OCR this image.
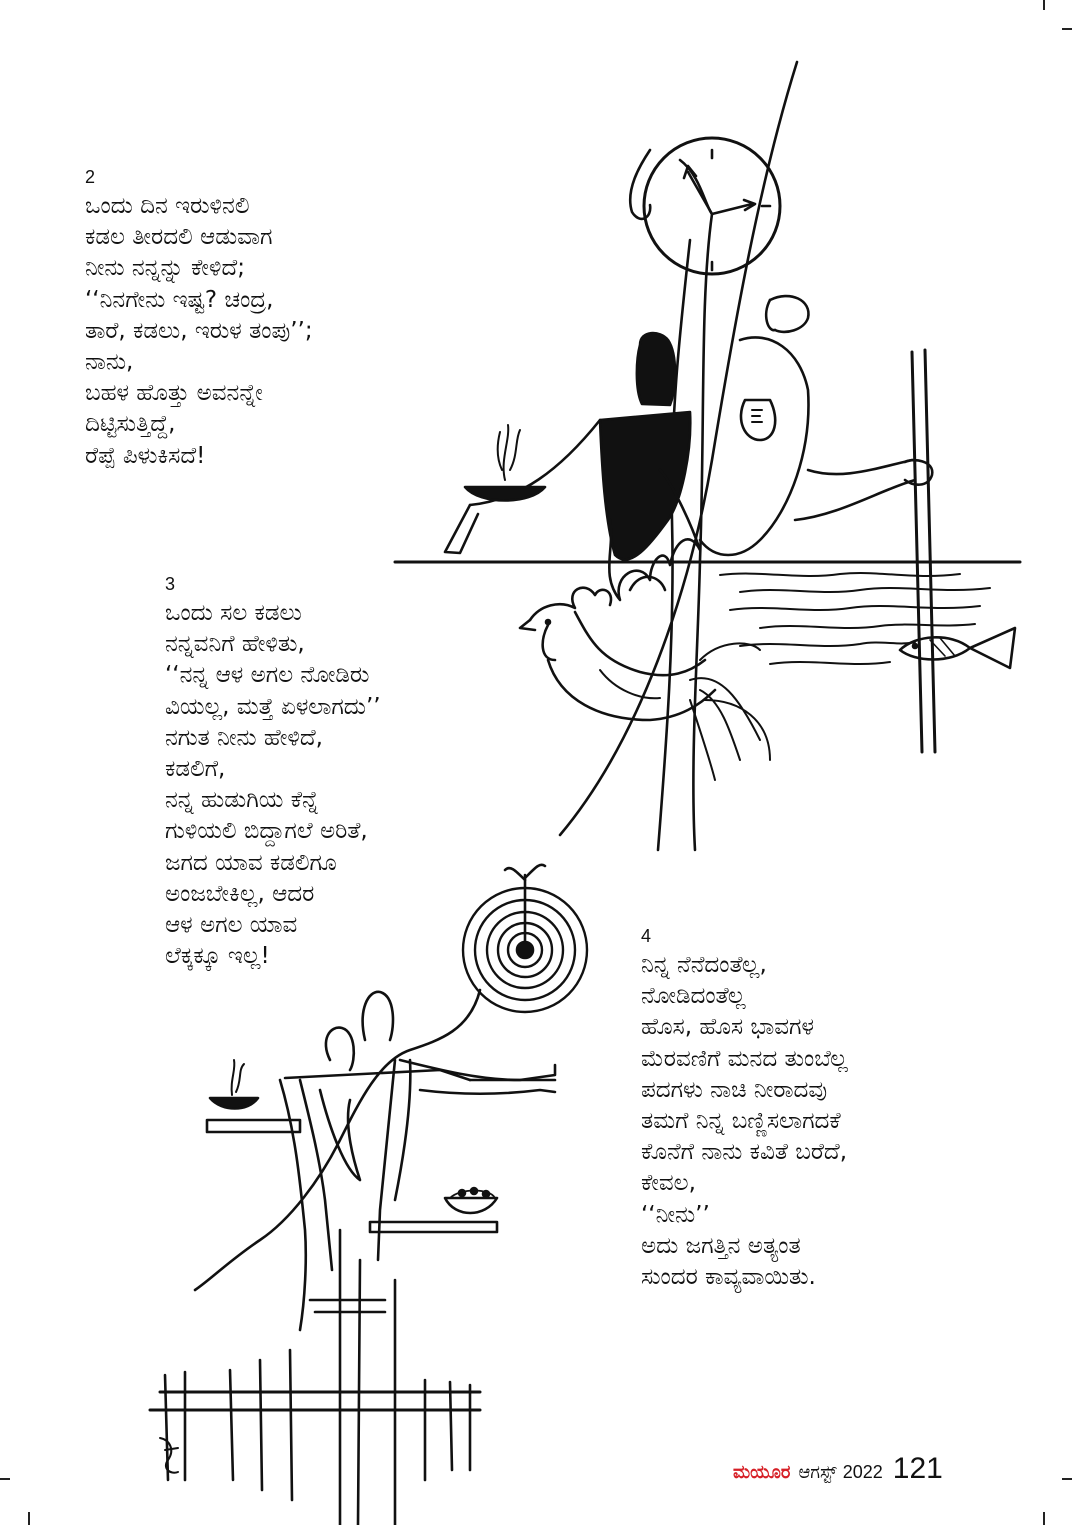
2
ಒಂದು ದಿನ ಇರುಳಿನಲಿ
ಕಡಲ ತೀರದಲಿ ಆಡುವಾಗ
ನೀನು ನನ್ನನ್ನು ಕೇಳಿದೆ;
‘‘ನಿನಗೇನು ಇಷ್ಟ? ಚಂದ್ರ,
ತಾರೆ, ಕಡಲು, ಇರುಳ ತಂಪು’’;
ನಾನು,
ಬಹಳ ಹೊತ್ತು ಅವನನ್ನೇ
ದಿಟ್ಟಿಸುತ್ತಿದ್ದೆ,
ರೆಪ್ಪೆ ಪಿಳುಕಿಸದೆ!
3
ಒಂದು ಸಲ ಕಡಲು
ನನ್ನವನಿಗೆ ಹೇಳಿತು,
‘‘ನನ್ನ ಆಳ ಅಗಲ ನೋಡಿರು
ವಿಯಲ್ಲ, ಮತ್ತೆ ಏಳಲಾಗದು’’
ನಗುತ ನೀನು ಹೇಳಿದೆ,
ಕಡಲಿಗೆ,
ನನ್ನ ಹುಡುಗಿಯ ಕೆನ್ನೆ
ಗುಳಿಯಲಿ ಬಿದ್ದಾಗಲೆ ಅರಿತೆ,
ಜಗದ ಯಾವ ಕಡಲಿಗೂ
ಅಂಜಬೇಕಿಲ್ಲ, ಆದರ
ಆಳ ಅಗಲ ಯಾವ
ಲೆಕ್ಕಕ್ಕೂ ಇಲ್ಲ!
4
ನಿನ್ನ ನೆನೆದಂತೆಲ್ಲ,
ನೋಡಿದಂತೆಲ್ಲ
ಹೊಸ, ಹೊಸ ಭಾವಗಳ
ಮೆರವಣಿಗೆ ಮನದ ತುಂಬೆಲ್ಲ
ಪದಗಳು ನಾಚಿ ನೀರಾದವು
ತಮಗೆ ನಿನ್ನ ಬಣ್ಣಿಸಲಾಗದಕೆ
ಕೊನೆಗೆ ನಾನು ಕವಿತೆ ಬರೆದೆ,
ಕೇವಲ,
‘‘ನೀನು’’
ಅದು ಜಗತ್ತಿನ ಅತ್ಯಂತ
ಸುಂದರ ಕಾವ್ಯವಾಯಿತು.
ಮಯೂರ ಆಗಸ್ಟ್ 2022 121
